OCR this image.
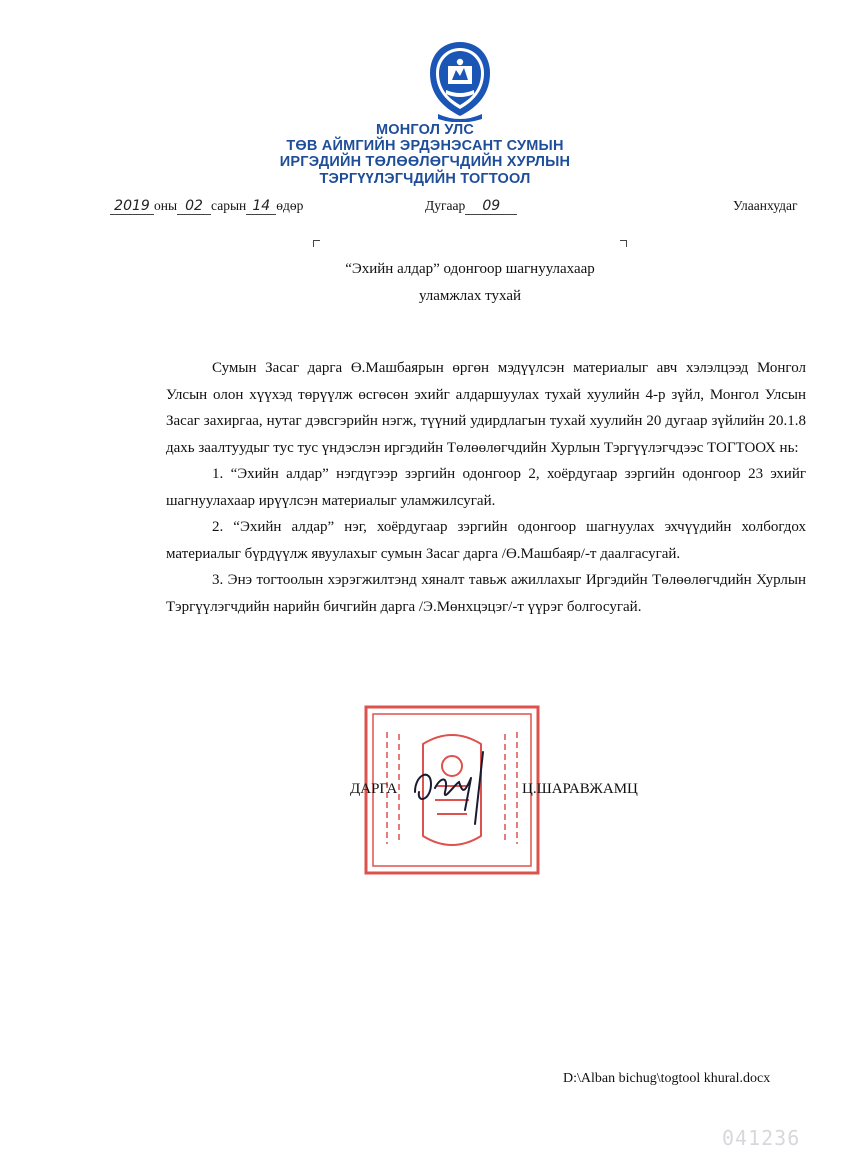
МОНГОЛ УЛС
ТӨВ АЙМГИЙН ЭРДЭНЭСАНТ СУМЫН
ИРГЭДИЙН ТӨЛӨӨЛӨГЧДИЙН ХУРЛЫН
ТЭРГҮҮЛЭГЧДИЙН ТОГТООЛ
2019 оны 02 сарын 14 өдөр	Дугаар 09	Улаанхудаг
“Эхийн алдар” одонгоор шагнуулахаар
уламжлах тухай

Сумын Засаг дарга Ө.Машбаярын өргөн мэдүүлсэн материалыг авч хэлэлцээд Монгол Улсын олон хүүхэд төрүүлж өсгөсөн эхийг алдаршуулах тухай хуулийн 4-р зүйл, Монгол Улсын Засаг захиргаа, нутаг дэвсгэрийн нэгж, түүний удирдлагын тухай хуулийн 20 дугаар зүйлийн 20.1.8 дахь заалтуудыг тус тус үндэслэн иргэдийн Төлөөлөгчдийн Хурлын Тэргүүлэгчдээс ТОГТООХ нь:

1. “Эхийн алдар” нэгдүгээр зэргийн одонгоор 2, хоёрдугаар зэргийн одонгоор 23 эхийг шагнуулахаар ирүүлсэн материалыг уламжилсугай.

2. “Эхийн алдар” нэг, хоёрдугаар зэргийн одонгоор шагнуулах эхчүүдийн холбогдох материалыг бүрдүүлж явуулахыг сумын Засаг дарга /Ө.Машбаяр/-т даалгасугай.

3. Энэ тогтоолын хэрэгжилтэнд хяналт тавьж ажиллахыг Иргэдийн Төлөөлөгчдийн Хурлын Тэргүүлэгчдийн нарийн бичгийн дарга /Э.Мөнхцэцэг/-т үүрэг болгосугай.

ДАРГА	Ц.ШАРАВЖАМЦ
D:\Alban bichug\togtool khural.docx
041236
